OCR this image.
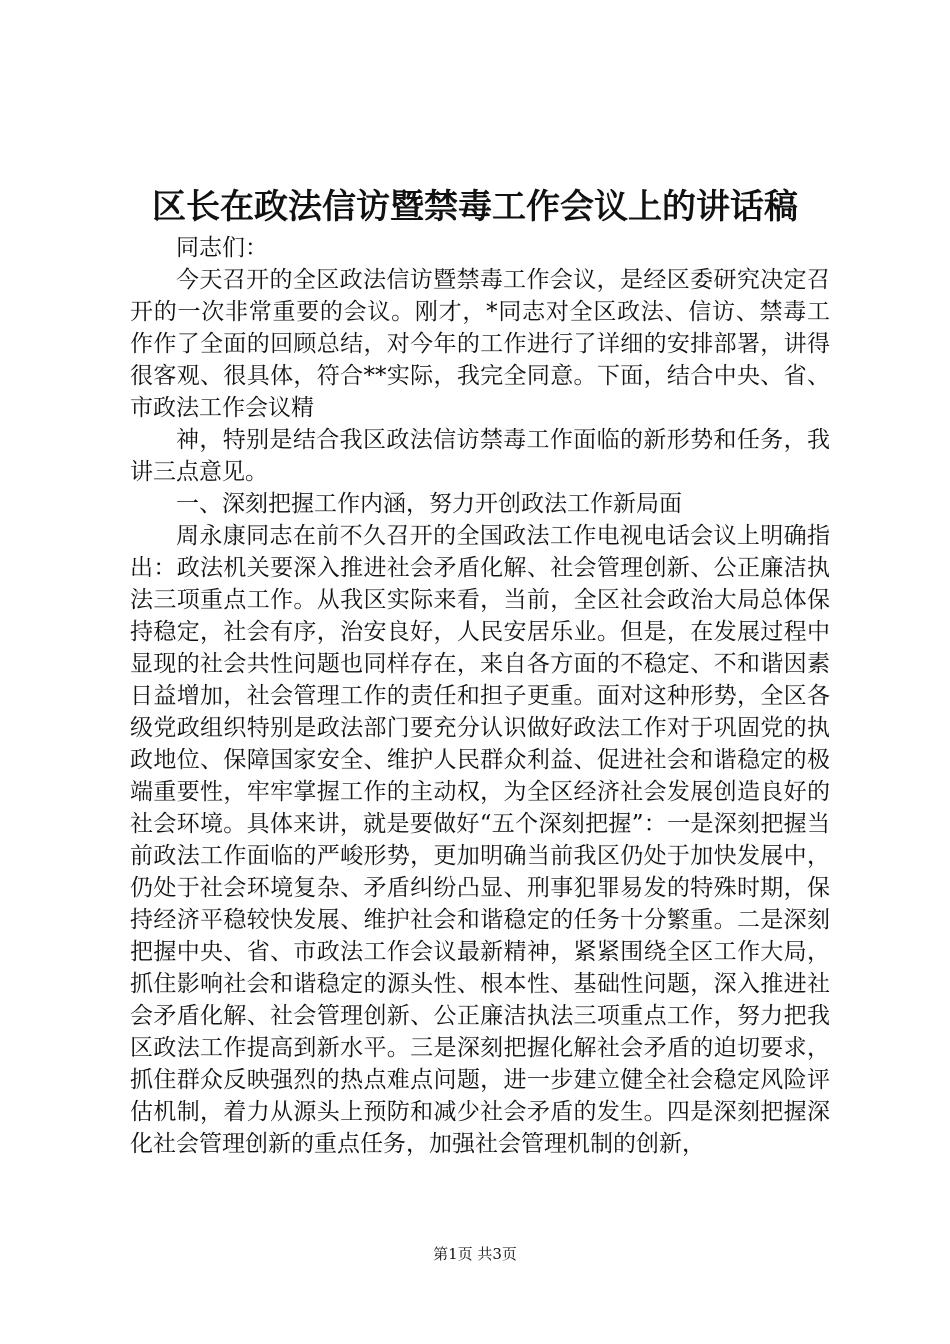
区长在政法信访暨禁毒工作会议上的讲话稿

同志们：

今天召开的全区政法信访暨禁毒工作会议，是经区委研究决定召开的一次非常重要的会议。刚才，*同志对全区政法、信访、禁毒工作作了全面的回顾总结，对今年的工作进行了详细的安排部署，讲得很客观、很具体，符合**实际，我完全同意。下面，结合中央、省、市政法工作会议精

神，特别是结合我区政法信访禁毒工作面临的新形势和任务，我讲三点意见。

一、深刻把握工作内涵，努力开创政法工作新局面

周永康同志在前不久召开的全国政法工作电视电话会议上明确指出：政法机关要深入推进社会矛盾化解、社会管理创新、公正廉洁执法三项重点工作。从我区实际来看，当前，全区社会政治大局总体保持稳定，社会有序，治安良好，人民安居乐业。但是，在发展过程中显现的社会共性问题也同样存在，来自各方面的不稳定、不和谐因素日益增加，社会管理工作的责任和担子更重。面对这种形势，全区各级党政组织特别是政法部门要充分认识做好政法工作对于巩固党的执政地位、保障国家安全、维护人民群众利益、促进社会和谐稳定的极端重要性，牢牢掌握工作的主动权，为全区经济社会发展创造良好的社会环境。具体来讲，就是要做好“五个深刻把握”：一是深刻把握当前政法工作面临的严峻形势，更加明确当前我区仍处于加快发展中，仍处于社会环境复杂、矛盾纠纷凸显、刑事犯罪易发的特殊时期，保持经济平稳较快发展、维护社会和谐稳定的任务十分繁重。二是深刻把握中央、省、市政法工作会议最新精神，紧紧围绕全区工作大局，抓住影响社会和谐稳定的源头性、根本性、基础性问题，深入推进社会矛盾化解、社会管理创新、公正廉洁执法三项重点工作，努力把我区政法工作提高到新水平。三是深刻把握化解社会矛盾的迫切要求，抓住群众反映强烈的热点难点问题，进一步建立健全社会稳定风险评估机制，着力从源头上预防和减少社会矛盾的发生。四是深刻把握深化社会管理创新的重点任务，加强社会管理机制的创新，

第1页 共3页
